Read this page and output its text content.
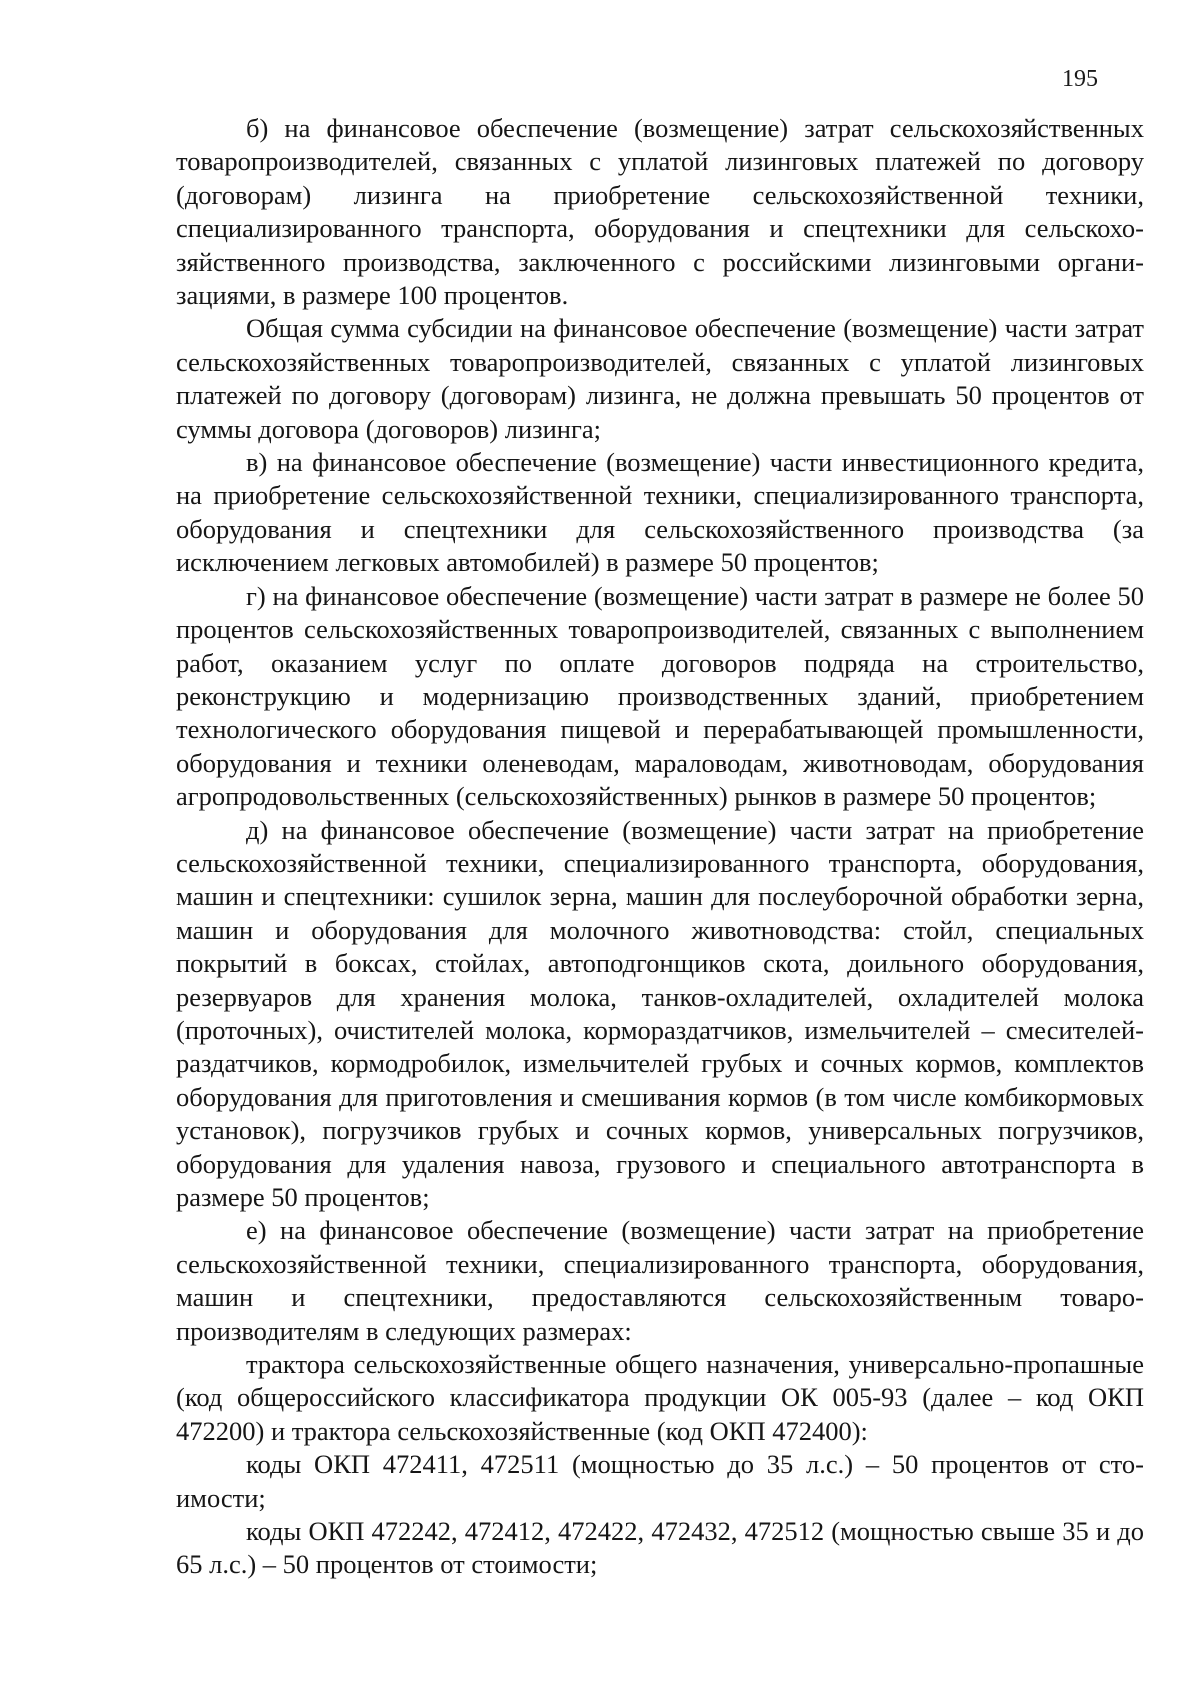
195

б) на финансовое обеспечение (возмещение) затрат сельскохозяйственных товаропроизводителей, связанных с уплатой лизинговых платежей по договору (договорам) лизинга на приобретение сельскохозяйственной техники, специализированного транспорта, оборудования и спецтехники для сельскохозяйственного производства, заключенного с российскими лизинговыми организациями, в размере 100 процентов.

Общая сумма субсидии на финансовое обеспечение (возмещение) части затрат сельскохозяйственных товаропроизводителей, связанных с уплатой лизинговых платежей по договору (договорам) лизинга, не должна превышать 50 процентов от суммы договора (договоров) лизинга;

в) на финансовое обеспечение (возмещение) части инвестиционного кредита, на приобретение сельскохозяйственной техники, специализированного транспорта, оборудования и спецтехники для сельскохозяйственного производства (за исключением легковых автомобилей) в размере 50 процентов;

г) на финансовое обеспечение (возмещение) части затрат в размере не более 50 процентов сельскохозяйственных товаропроизводителей, связанных с выполнением работ, оказанием услуг по оплате договоров подряда на строительство, реконструкцию и модернизацию производственных зданий, приобретением технологического оборудования пищевой и перерабатывающей промышленности, оборудования и техники оленеводам, мараловодам, животноводам, оборудования агропродовольственных (сельскохозяйственных) рынков в размере 50 процентов;

д) на финансовое обеспечение (возмещение) части затрат на приобретение сельскохозяйственной техники, специализированного транспорта, оборудования, машин и спецтехники: сушилок зерна, машин для послеуборочной обработки зерна, машин и оборудования для молочного животноводства: стойл, специальных покрытий в боксах, стойлах, автоподгонщиков скота, доильного оборудования, резервуаров для хранения молока, танков-охладителей, охладителей молока (проточных), очистителей молока, кормораздатчиков, измельчителей – смесителей-раздатчиков, кормодробилок, измельчителей грубых и сочных кормов, комплектов оборудования для приготовления и смешивания кормов (в том числе комбикормовых установок), погрузчиков грубых и сочных кормов, универсальных погрузчиков, оборудования для удаления навоза, грузового и специального автотранспорта в размере 50 процентов;

е) на финансовое обеспечение (возмещение) части затрат на приобретение сельскохозяйственной техники, специализированного транспорта, оборудования, машин и спецтехники, предоставляются сельскохозяйственным товаропроизводителям в следующих размерах:

трактора сельскохозяйственные общего назначения, универсально-пропашные (код общероссийского классификатора продукции ОК 005-93 (далее – код ОКП 472200) и трактора сельскохозяйственные (код ОКП 472400):

коды ОКП 472411, 472511 (мощностью до 35 л.с.) – 50 процентов от стоимости;

коды ОКП 472242, 472412, 472422, 472432, 472512 (мощностью свыше 35 и до 65 л.с.) – 50 процентов от стоимости;
